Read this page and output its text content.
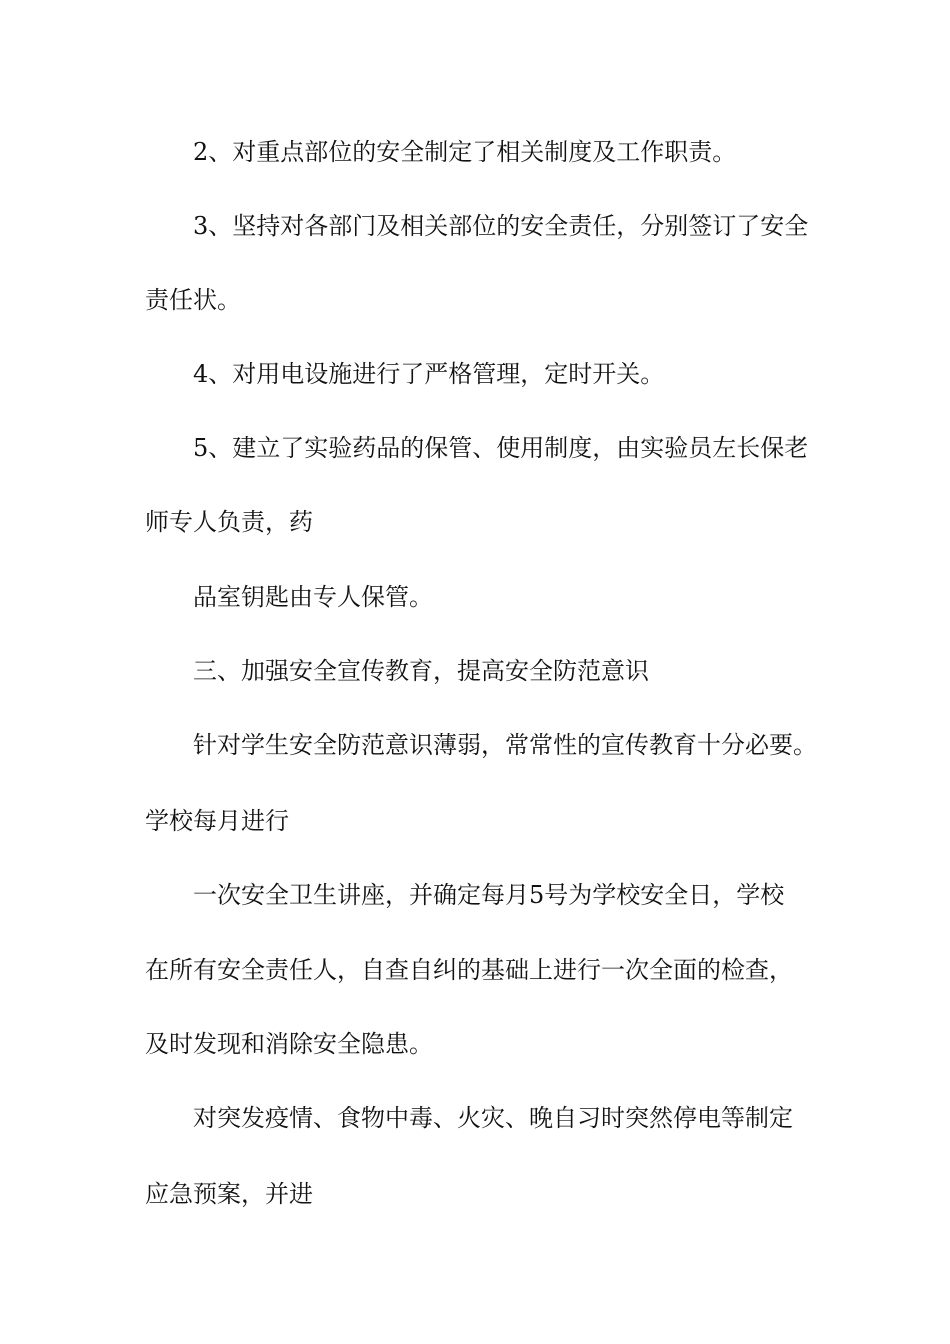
2、对重点部位的安全制定了相关制度及工作职责。
3、坚持对各部门及相关部位的安全责任，分别签订了安全
责任状。
4、对用电设施进行了严格管理，定时开关。
5、建立了实验药品的保管、使用制度，由实验员左长保老
师专人负责，药
品室钥匙由专人保管。
三、加强安全宣传教育，提高安全防范意识
针对学生安全防范意识薄弱，常常性的宣传教育十分必要。
学校每月进行
一次安全卫生讲座，并确定每月5号为学校安全日，学校
在所有安全责任人，自查自纠的基础上进行一次全面的检查，
及时发现和消除安全隐患。
对突发疫情、食物中毒、火灾、晚自习时突然停电等制定
应急预案，并进
